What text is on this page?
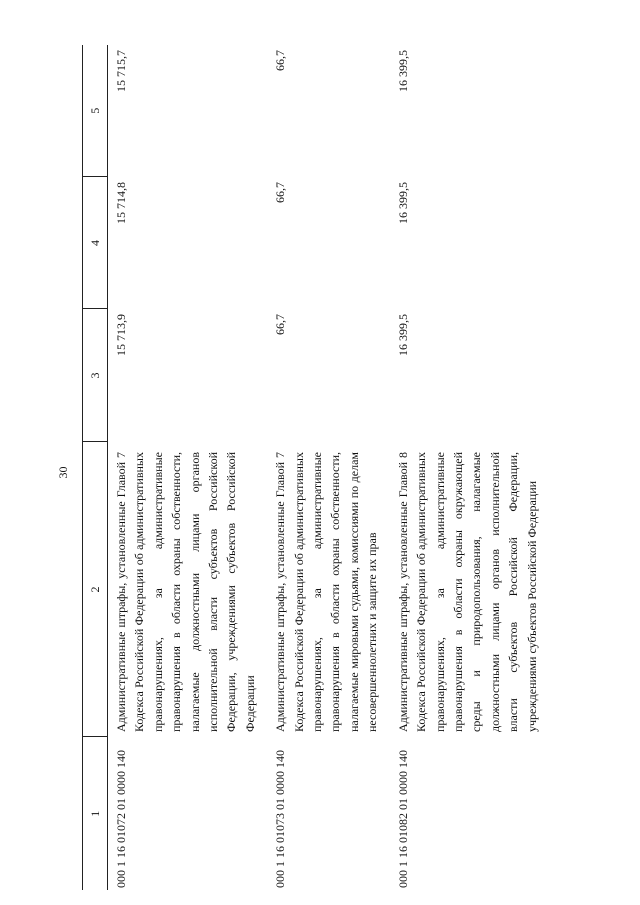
30
1	2	3	4	5
000 1 16 01072 01 0000 140	Административные штрафы, установленные Главой 7 Кодекса Российской Федерации об административных правонарушениях, за административные правонарушения в области охраны собственности, налагаемые должностными лицами органов исполнительной власти субъектов Российской Федерации, учреждениями субъектов Российской Федерации	15 713,9	15 714,8	15 715,7
000 1 16 01073 01 0000 140	Административные штрафы, установленные Главой 7 Кодекса Российской Федерации об административных правонарушениях, за административные правонарушения в области охраны собственности, налагаемые мировыми судьями, комиссиями по делам несовершеннолетних и защите их прав	66,7	66,7	66,7
000 1 16 01082 01 0000 140	Административные штрафы, установленные Главой 8 Кодекса Российской Федерации об административных правонарушениях, за административные правонарушения в области охраны окружающей среды и природопользования, налагаемые должностными лицами органов исполнительной власти субъектов Российской Федерации, учреждениями субъектов Российской Федерации	16 399,5	16 399,5	16 399,5
